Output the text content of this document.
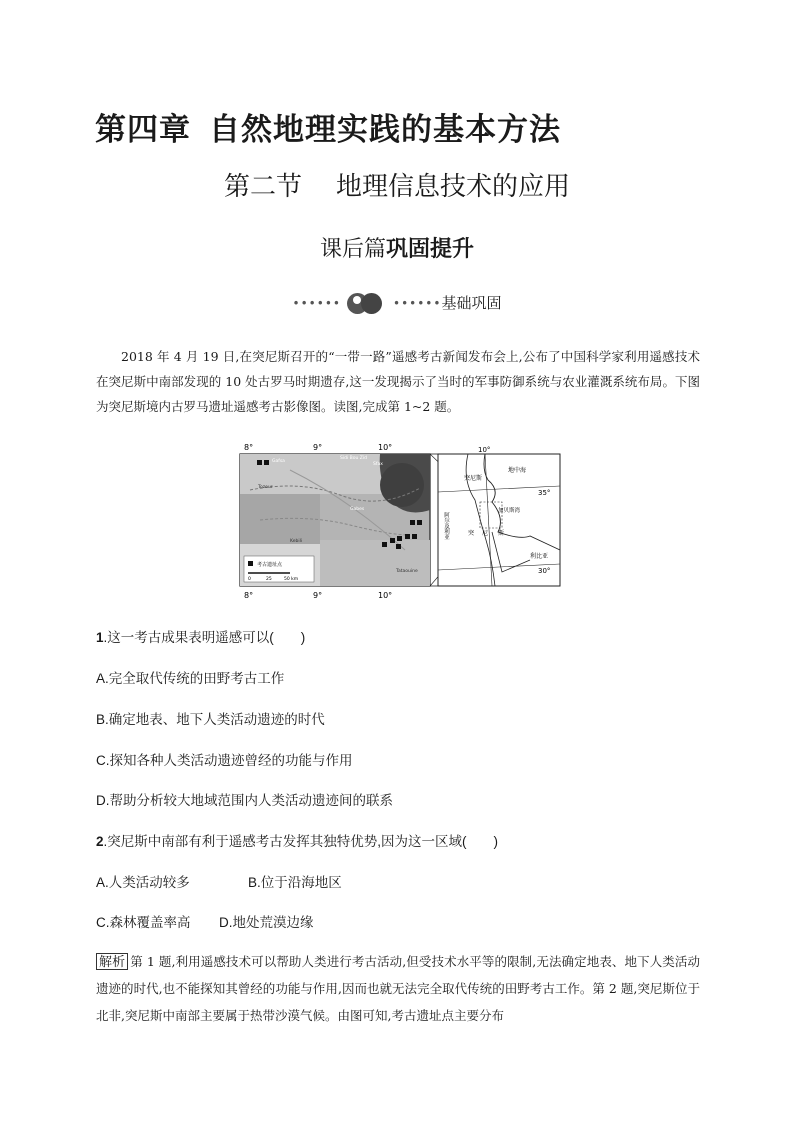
第四章 自然地理实践的基本方法
第二节 地理信息技术的应用
课后篇巩固提升
••••••	••••••基础巩固
2018 年 4 月 19 日,在突尼斯召开的“一带一路”遥感考古新闻发布会上,公布了中国科学家利用遥感技术在突尼斯中南部发现的 10 处古罗马时期遗存,这一发现揭示了当时的军事防御系统与农业灌溉系统布局。下图为突尼斯境内古罗马遗址遥感考古影像图。读图,完成第 1~2 题。
8°	9°	10°
Gafsa
Sidi Bou Zid
Sfax
Tozeur
Gabes
Kebili
Tataouine
考古遗址点
0	25	50 km
8°	9°	10°
10°
35°
30°
突尼斯
地中海
加贝斯湾
阿尔及利亚	突 尼 斯
利比亚
1.这一考古成果表明遥感可以(　　)
A.完全取代传统的田野考古工作
B.确定地表、地下人类活动遗迹的时代
C.探知各种人类活动遗迹曾经的功能与作用
D.帮助分析较大地域范围内人类活动遗迹间的联系
2.突尼斯中南部有利于遥感考古发挥其独特优势,因为这一区域(　　)
A.人类活动较多	B.位于沿海地区
C.森林覆盖率高 D.地处荒漠边缘
解析 第 1 题,利用遥感技术可以帮助人类进行考古活动,但受技术水平等的限制,无法确定地表、地下人类活动遗迹的时代,也不能探知其曾经的功能与作用,因而也就无法完全取代传统的田野考古工作。第 2 题,突尼斯位于北非,突尼斯中南部主要属于热带沙漠气候。由图可知,考古遗址点主要分布
